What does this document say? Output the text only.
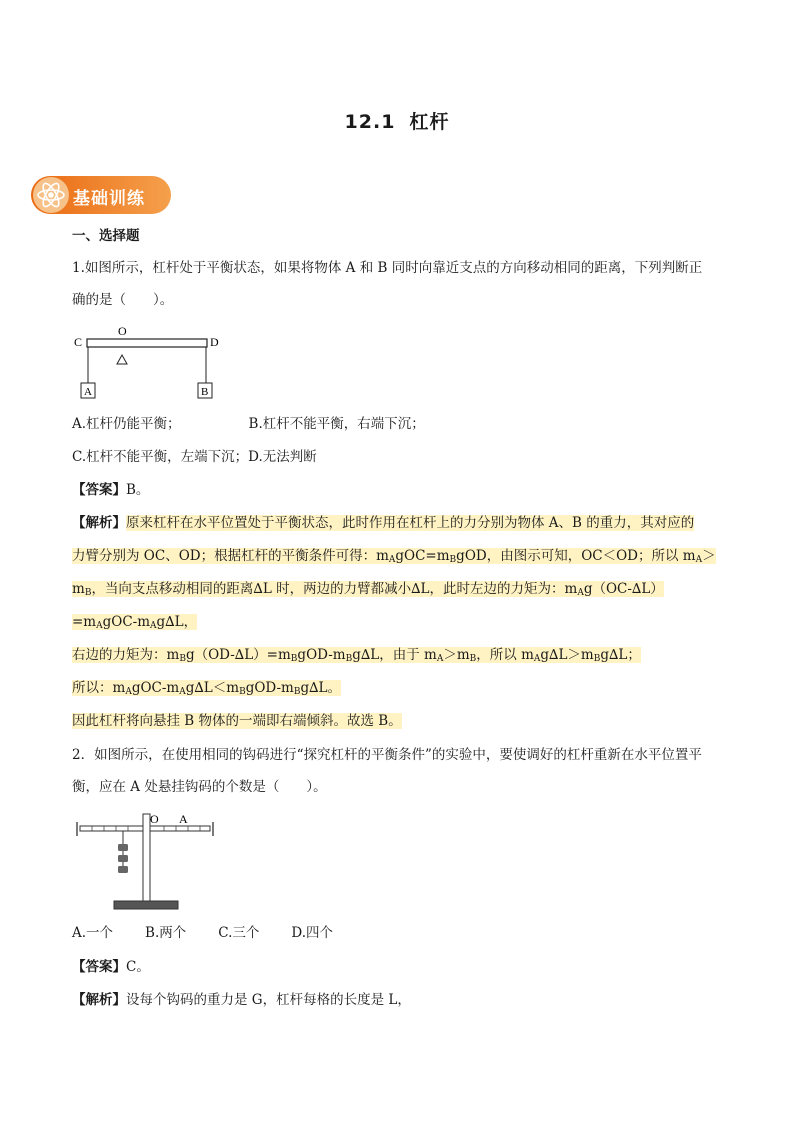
12.1 杠杆
基础训练
一、选择题
1.如图所示，杠杆处于平衡状态，如果将物体 A 和 B 同时向靠近支点的方向移动相同的距离，下列判断正
确的是（　　）。
C
O
D
A	B
A.杠杆仍能平衡；	B.杠杆不能平衡，右端下沉；
C.杠杆不能平衡，左端下沉；D.无法判断
【答案】B。
【解析】原来杠杆在水平位置处于平衡状态，此时作用在杠杆上的力分别为物体 A、B 的重力，其对应的
力臂分别为 OC、OD；根据杠杆的平衡条件可得：$m_AgOC=m_BgOD$，由图示可知，OC＜OD；所以 $m_A>$
$m_B$，当向支点移动相同的距离∆L 时，两边的力臂都减小∆L，此时左边的力矩为：$m_Ag(OC-\Delta L)$
$=m_AgOC-m_Ag\Delta L$，
右边的力矩为：$m_Bg(OD-\Delta L)=m_BgOD-m_Bg\Delta L$，由于 $m_A>m_B$，所以 $m_Ag\Delta L>m_Bg\Delta L$；
所以：$m_AgOC-m_Ag\Delta L<m_BgOD-m_Bg\Delta L$。
因此杠杆将向悬挂 B 物体的一端即右端倾斜。故选 B。
2．如图所示，在使用相同的钩码进行“探究杠杆的平衡条件”的实验中，要使调好的杠杆重新在水平位置平
衡，应在 A 处悬挂钩码的个数是（　　）。
O A
A.一个 B.两个 C.三个 D.四个
【答案】C。
【解析】设每个钩码的重力是 G，杠杆每格的长度是 L，
